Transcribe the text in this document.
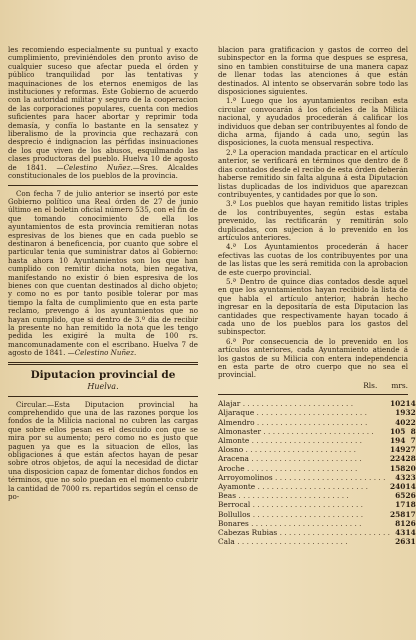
les recomiendo especialmente su puntual y exacto cumplimiento, previniéndoles den pronto aviso de cualquier suceso que afectar pueda el órden y público tranquilidad por las tentativas y maquinaciones de los eternos enemigos de las instituciones y reformas. Este Gobierno de acuerdo con la autoridad militar y seguro de la cooperacion de las corporaciones populares, cuenta con medios suficientes para hacer abortar y reprimir toda demasía, y confía lo bastante en la sensatez y liberalismo de la provincia que rechazará con desprecio é indignacion las pérfidas insinuaciones de los que viven de los abusos, esquilmando las clases productoras del pueblo. Huelva 10 de agosto de 1841. —Celestino Nuñez.—Sres. Alcaldes constitucionales de los pueblos de la provincia.

Con fecha 7 de julio anterior se insertó por este Gobierno político una Real órden de 27 de junio último en el boletin oficial número 535, con el fin de que tomando conocimiento de ella los ayuntamientos de esta provincia remitieran notas espresivas de los bienes que en cada pueblo se destinaron á beneficencia, por cuanto que sobre el particular tenia que suministrar datos al Gobierno: hasta ahora 10 Ayuntamientos son los que han cumplido con remitir dicha nota, bien negativa, manifestando no existir ó bien espresiva de los bienes con que cuentan destinados al dicho objeto; y como no es por tanto posible tolerar por mas tiempo la falta de cumplimiento que en esta parte reclamo, prevengo á los ayuntamientos que no hayan cumplido, que si dentro de 3.º dia de recibir la presente no han remitido la nota que les tengo pedida les exigiré la multa de 100 rs. mancomunadamente con el escribano. Huelva 7 de agosto de 1841. —Celestino Nuñez.

Diputacion provincial de

Huelva.

Circular.—Esta Diputacion provincial ha comprehendido que una de las razones porque los fondos de la Milicia nacional no cubren las cargas que sobre ellos pesan es el descuido con que se mira por su aumento; pero como no es justo que paguen ya que es la situacion de ellos, las obligaciones á que están afectos hayan de pesar sobre otros objetos, de aquí la necesidad de dictar una disposicion capaz de fomentar dichos fondos en términos, que no solo puedan en el momento cubrir la cantidad de 7000 rs. repartidos según el censo de po-

blacion para gratificacion y gastos de correo del subinspector en la forma que despues se espresa, sino en tambien constituirse de una manera capaz de llenar todas las atenciones á que están destinados. Al intento se observarán sobre todo las disposiciones siguientes.

1.ª Luego que los ayuntamientos reciban esta circular convocarán á los oficiales de la Milicia nacional, y ayudados procederán á calificar los individuos que deban ser contribuyentes al fondo de dicha arma, fijando á cada uno, según las disposiciones, la cuota mensual respectiva.

2.ª La operacion mandada practicar en el artículo anterior, se verificará en términos que dentro de 8 dias contados desde el recibo de esta órden deberán haberse remitido sin falta alguna á esta Diputacion listas duplicadas de los individuos que aparezcan contribuyentes, y cantidades por que lo son.

3.ª Los pueblos que hayan remitido listas triples de los contribuyentes, según estas estaba prevenido, las rectificarán y remitirán solo duplicadas, con sujecion á lo prevenido en los artículos anteriores.

4.ª Los Ayuntamientos procederán á hacer efectivas las cuotas de los contribuyentes por una de las listas que les será remitida con la aprobacion de este cuerpo provincial.

5.ª Dentro de quince dias contados desde aquel en que los ayuntamientos hayan recibido la lista de que habla el artículo anterior, habrán hecho ingresar en la depositaría de esta Diputacion las cantidades que respectivamente hayan tocado á cada uno de los pueblos para los gastos del subinspector.

6.ª Por consecuencia de lo prevenido en los artículos anteriores, cada Ayuntamiento atiende á los gastos de su Milicia con entera independencia en esta parte de otro cuerpo que no sea el provincial.

Rls. mrs.
Alajar . . .	102	14
Aljaraque . . .	19	32
Almendro . . .	40	22
Almonaster . . .	105	8
Almonte . . .	194	7
Alosno . . .	149	27
Aracena . . .	224	28
Aroche . . .	158	20
Arroyomolinos . . .	43	23
Ayamonte . . .	240	14
Beas . . .	65	26
Berrocal . . .	17	18
Bollullos . . .	258	17
Bonares . . .	81	26
Cabezas Rubias . . .	43	14
Cala . . .	26	31
